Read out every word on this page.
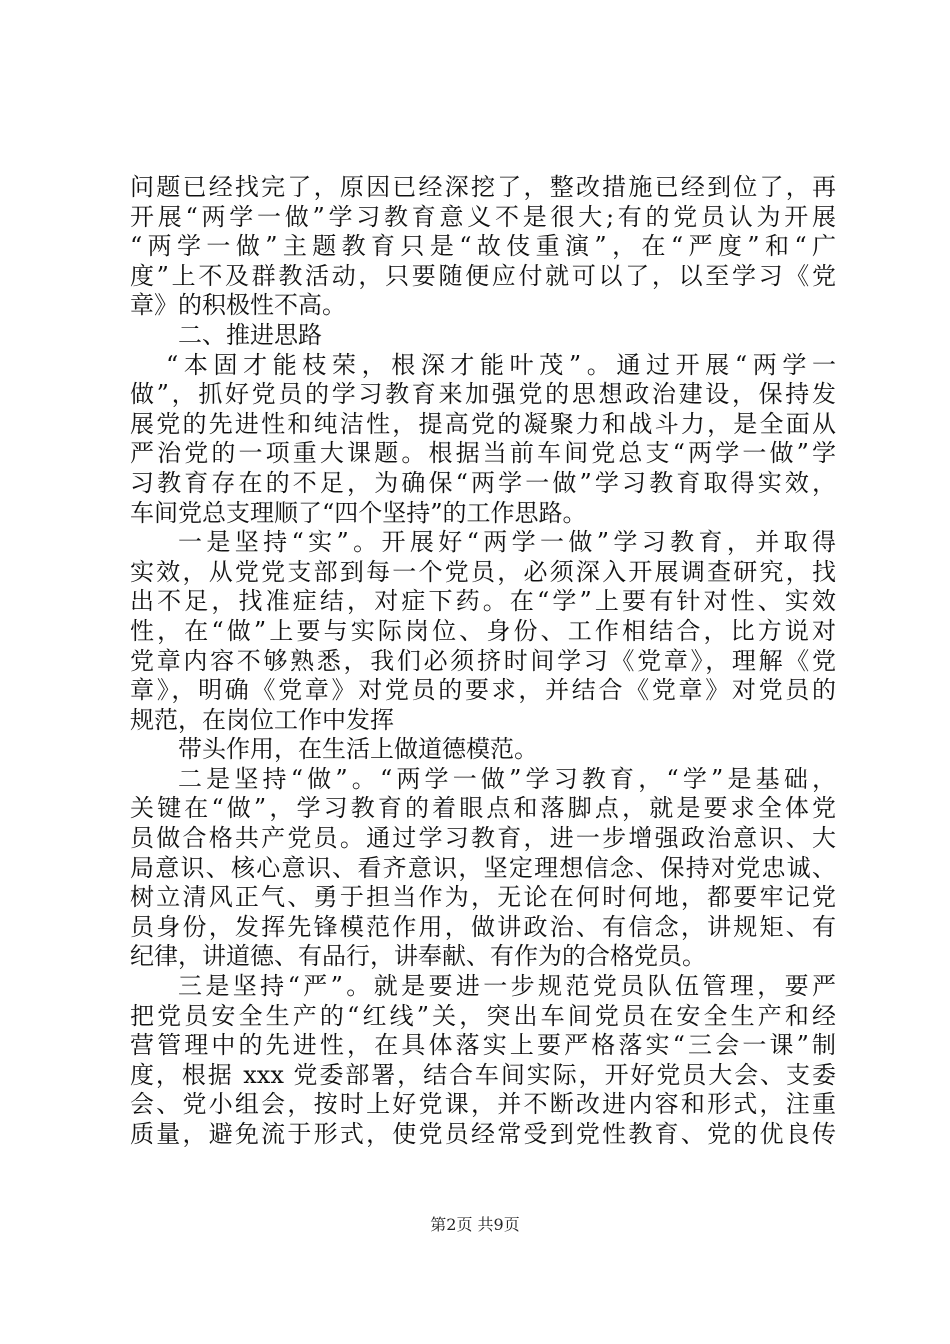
问题已经找完了，原因已经深挖了，整改措施已经到位了，再
开展“两学一做”学习教育意义不是很大;有的党员认为开展
“两学一做”主题教育只是“故伎重演”，在“严度”和“广
度”上不及群教活动，只要随便应付就可以了，以至学习《党
章》的积极性不高。
二、推进思路
“本固才能枝荣，根深才能叶茂”。通过开展“两学一
做”，抓好党员的学习教育来加强党的思想政治建设，保持发
展党的先进性和纯洁性，提高党的凝聚力和战斗力，是全面从
严治党的一项重大课题。根据当前车间党总支“两学一做”学
习教育存在的不足，为确保“两学一做”学习教育取得实效，
车间党总支理顺了“四个坚持”的工作思路。
一是坚持“实”。开展好“两学一做”学习教育，并取得
实效，从党党支部到每一个党员，必须深入开展调查研究，找
出不足，找准症结，对症下药。在“学”上要有针对性、实效
性，在“做”上要与实际岗位、身份、工作相结合，比方说对
党章内容不够熟悉，我们必须挤时间学习《党章》，理解《党
章》，明确《党章》对党员的要求，并结合《党章》对党员的
规范，在岗位工作中发挥
带头作用，在生活上做道德模范。
二是坚持“做”。“两学一做”学习教育，“学”是基础，
关键在“做”，学习教育的着眼点和落脚点，就是要求全体党
员做合格共产党员。通过学习教育，进一步增强政治意识、大
局意识、核心意识、看齐意识，坚定理想信念、保持对党忠诚、
树立清风正气、勇于担当作为，无论在何时何地，都要牢记党
员身份，发挥先锋模范作用，做讲政治、有信念，讲规矩、有
纪律，讲道德、有品行，讲奉献、有作为的合格党员。
三是坚持“严”。就是要进一步规范党员队伍管理，要严
把党员安全生产的“红线”关，突出车间党员在安全生产和经
营管理中的先进性，在具体落实上要严格落实“三会一课”制
度，根据 xxx 党委部署，结合车间实际，开好党员大会、支委
会、党小组会，按时上好党课，并不断改进内容和形式，注重
质量，避免流于形式，使党员经常受到党性教育、党的优良传
第2页 共9页
